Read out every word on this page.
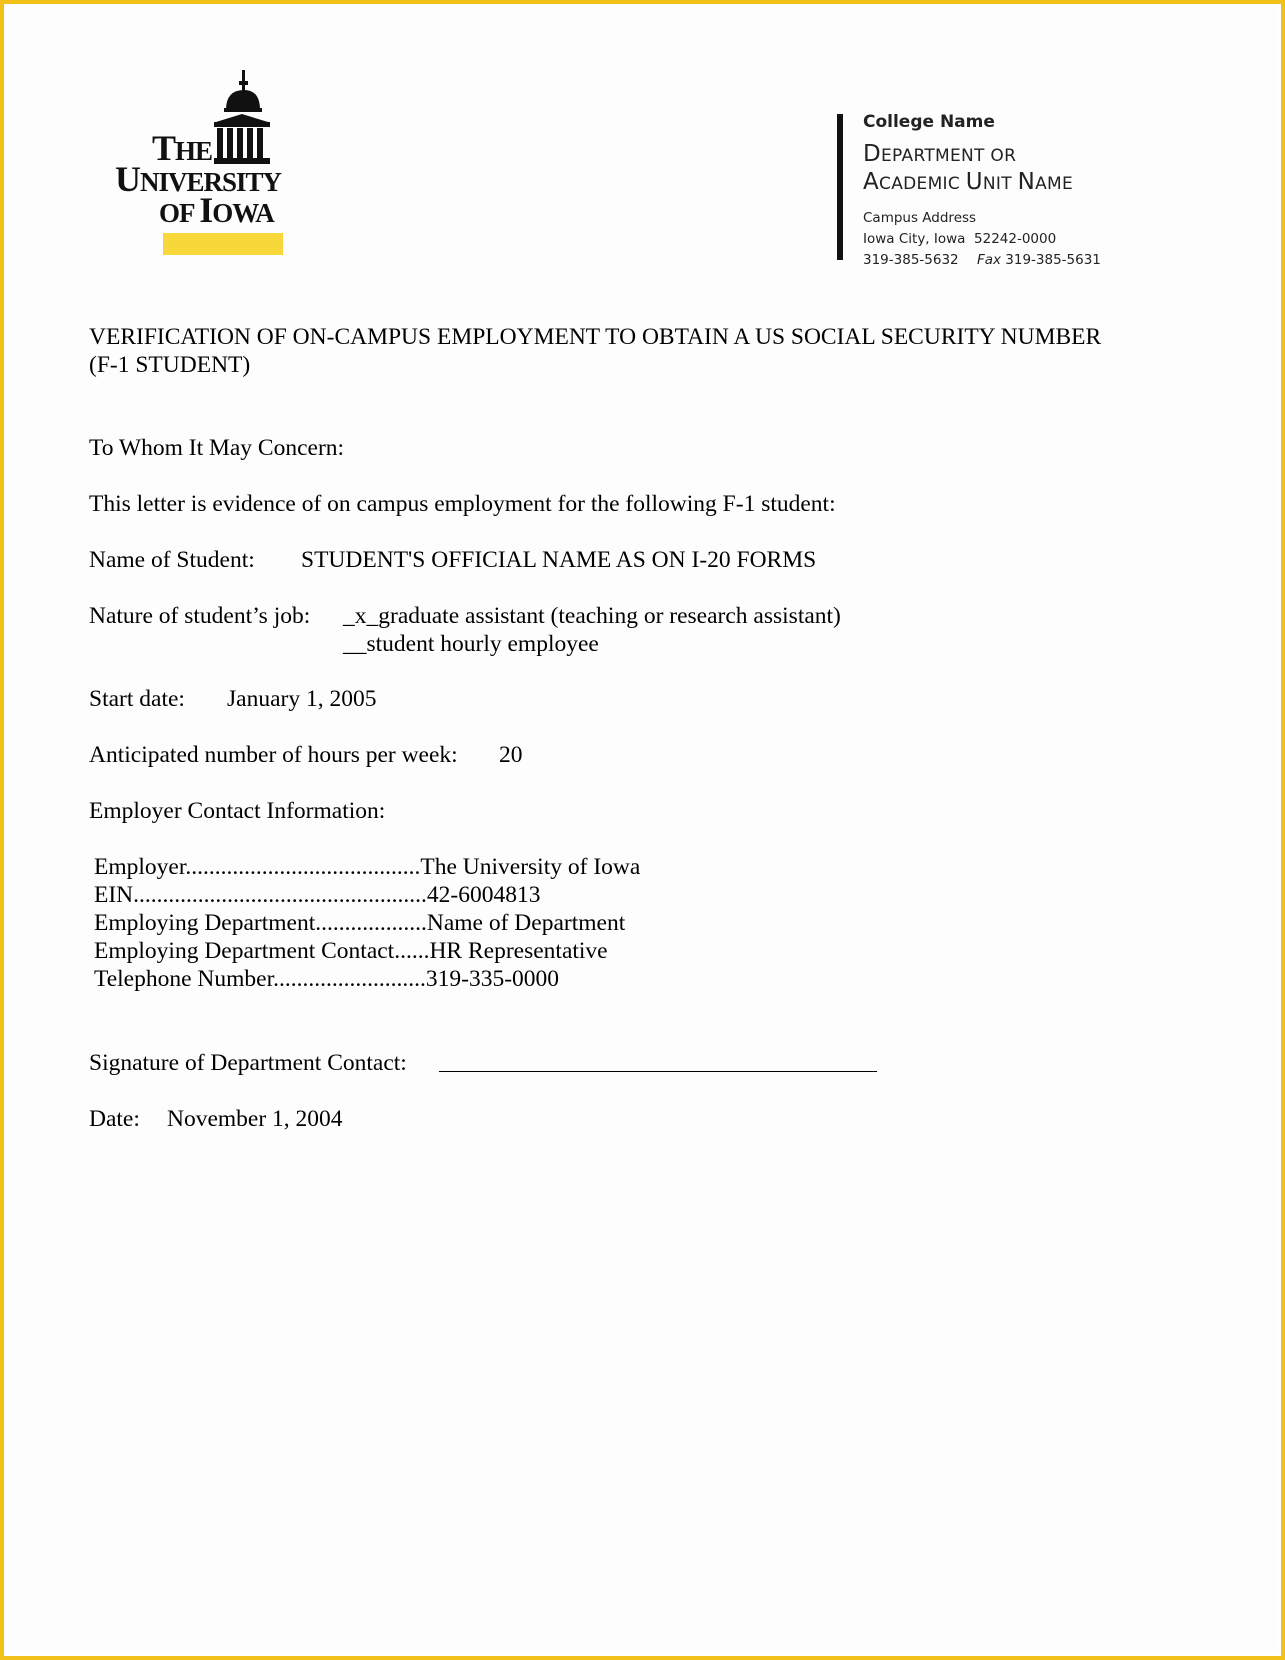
THE
UNIVERSITY
OF IOWA
College Name
DEPARTMENT OR
ACADEMIC UNIT NAME
Campus Address
Iowa City, Iowa  52242-0000
319-385-5632 Fax 319-385-5631
VERIFICATION OF ON-CAMPUS EMPLOYMENT TO OBTAIN A US SOCIAL SECURITY NUMBER
(F-1 STUDENT)
To Whom It May Concern:
This letter is evidence of on campus employment for the following F-1 student:
Name of Student: STUDENT'S OFFICIAL NAME AS ON I-20 FORMS
Nature of student’s job: _x_graduate assistant (teaching or research assistant)
__student hourly employee
Start date: January 1, 2005
Anticipated number of hours per week: 20
Employer Contact Information:
Employer........................................The University of Iowa
EIN..................................................42-6004813
Employing Department...................Name of Department
Employing Department Contact......HR Representative
Telephone Number..........................319-335-0000
Signature of Department Contact:
Date: November 1, 2004
